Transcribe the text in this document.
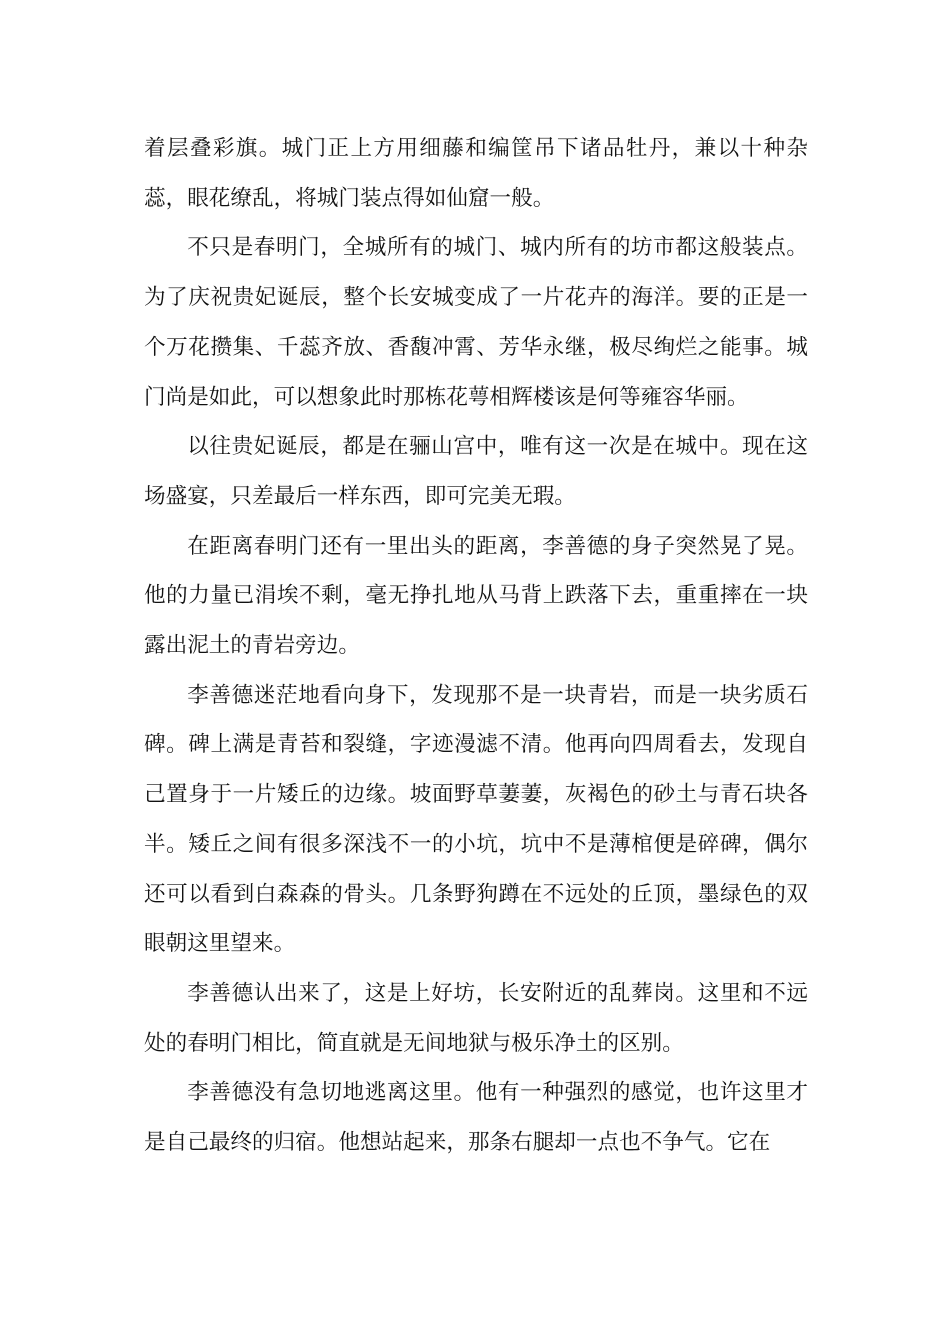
着层叠彩旗。城门正上方用细藤和编筐吊下诸品牡丹，兼以十种杂蕊，眼花缭乱，将城门装点得如仙窟一般。

不只是春明门，全城所有的城门、城内所有的坊市都这般装点。为了庆祝贵妃诞辰，整个长安城变成了一片花卉的海洋。要的正是一个万花攒集、千蕊齐放、香馥冲霄、芳华永继，极尽绚烂之能事。城门尚是如此，可以想象此时那栋花萼相辉楼该是何等雍容华丽。

以往贵妃诞辰，都是在骊山宫中，唯有这一次是在城中。现在这场盛宴，只差最后一样东西，即可完美无瑕。

在距离春明门还有一里出头的距离，李善德的身子突然晃了晃。他的力量已涓埃不剩，毫无挣扎地从马背上跌落下去，重重摔在一块露出泥土的青岩旁边。

李善德迷茫地看向身下，发现那不是一块青岩，而是一块劣质石碑。碑上满是青苔和裂缝，字迹漫滤不清。他再向四周看去，发现自己置身于一片矮丘的边缘。坡面野草萋萋，灰褐色的砂土与青石块各半。矮丘之间有很多深浅不一的小坑，坑中不是薄棺便是碎碑，偶尔还可以看到白森森的骨头。几条野狗蹲在不远处的丘顶，墨绿色的双眼朝这里望来。

李善德认出来了，这是上好坊，长安附近的乱葬岗。这里和不远处的春明门相比，简直就是无间地狱与极乐净土的区别。

李善德没有急切地逃离这里。他有一种强烈的感觉，也许这里才是自己最终的归宿。他想站起来，那条右腿却一点也不争气。它在
